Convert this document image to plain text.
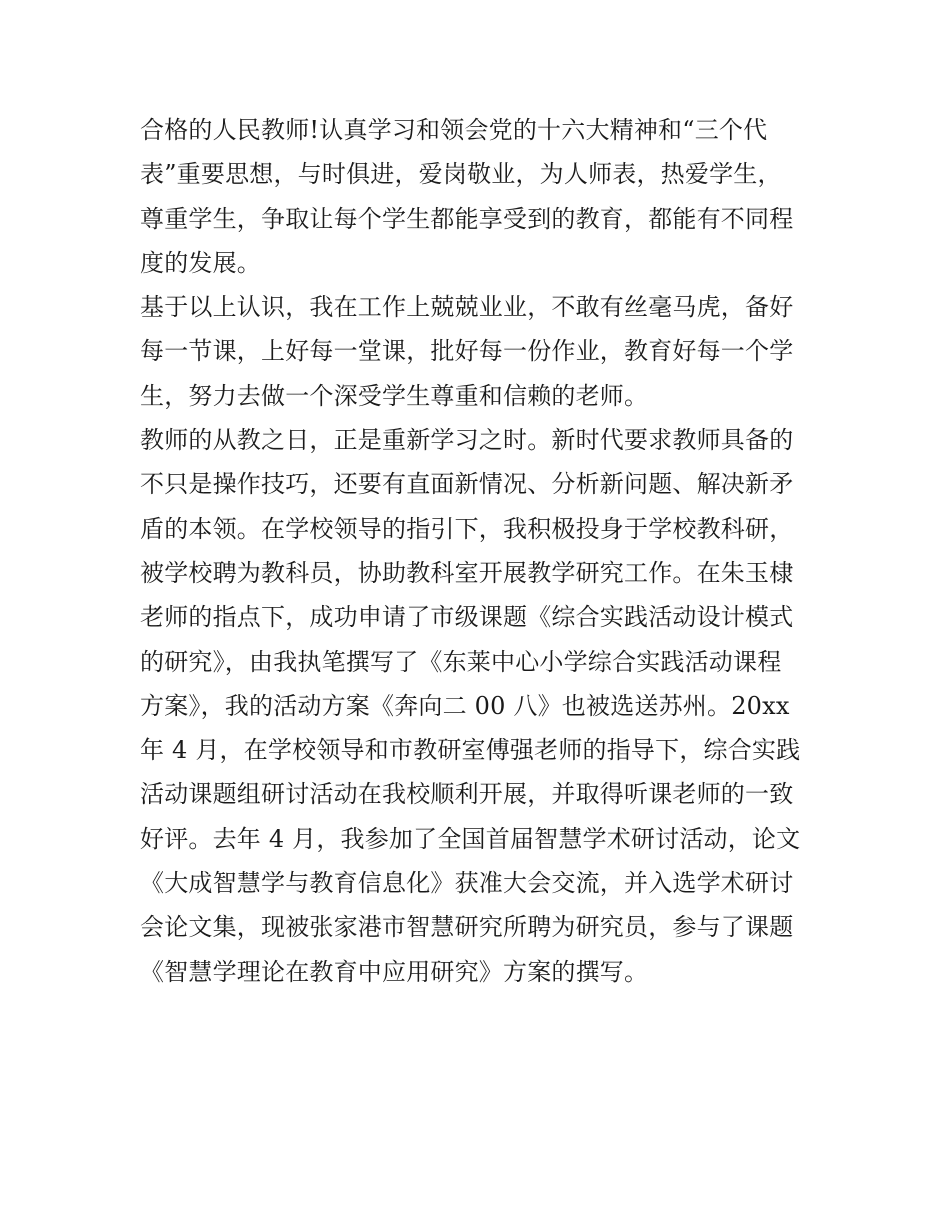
合格的人民教师!认真学习和领会党的十六大精神和“三个代
表”重要思想，与时俱进，爱岗敬业，为人师表，热爱学生，
尊重学生，争取让每个学生都能享受到的教育，都能有不同程
度的发展。
基于以上认识，我在工作上兢兢业业，不敢有丝毫马虎，备好
每一节课，上好每一堂课，批好每一份作业，教育好每一个学
生，努力去做一个深受学生尊重和信赖的老师。
教师的从教之日，正是重新学习之时。新时代要求教师具备的
不只是操作技巧，还要有直面新情况、分析新问题、解决新矛
盾的本领。在学校领导的指引下，我积极投身于学校教科研，
被学校聘为教科员，协助教科室开展教学研究工作。在朱玉棣
老师的指点下，成功申请了市级课题《综合实践活动设计模式
的研究》，由我执笔撰写了《东莱中心小学综合实践活动课程
方案》，我的活动方案《奔向二 00 八》也被选送苏州。20xx
年 4 月，在学校领导和市教研室傅强老师的指导下，综合实践
活动课题组研讨活动在我校顺利开展，并取得听课老师的一致
好评。去年 4 月，我参加了全国首届智慧学术研讨活动，论文
《大成智慧学与教育信息化》获准大会交流，并入选学术研讨
会论文集，现被张家港市智慧研究所聘为研究员，参与了课题
《智慧学理论在教育中应用研究》方案的撰写。
